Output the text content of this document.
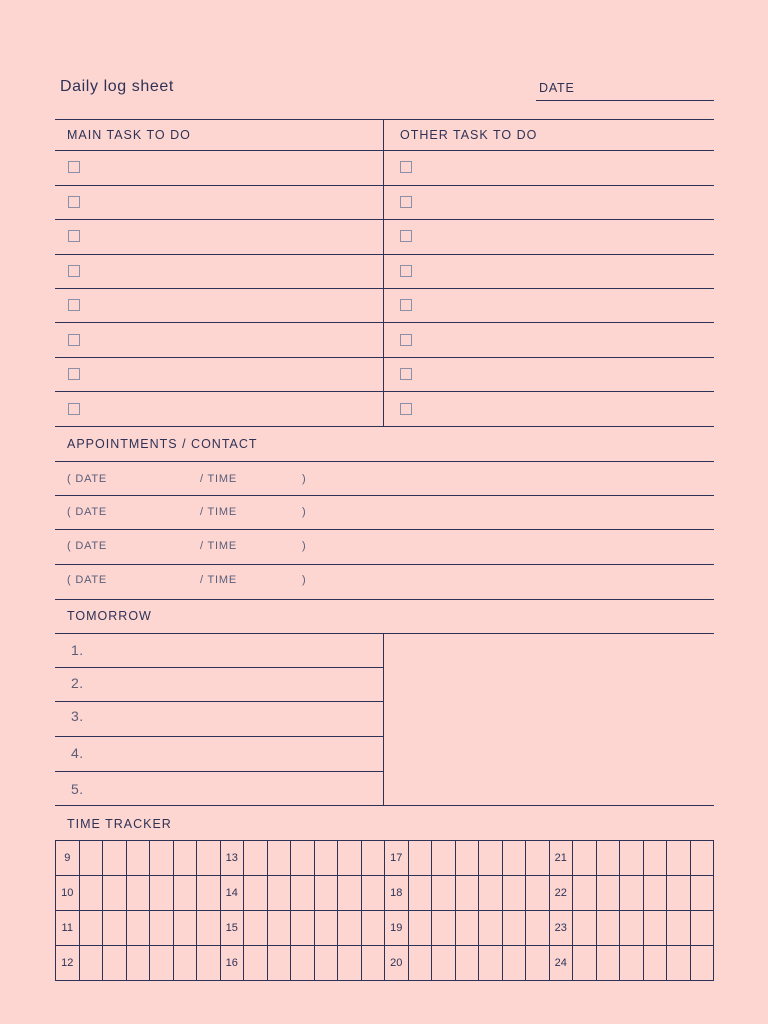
Daily log sheet	DATE
MAIN TASK TO DO	OTHER TASK TO DO
APPOINTMENTS / CONTACT
( DATE	/ TIME	)
( DATE	/ TIME	)
( DATE	/ TIME	)
( DATE	/ TIME	)
TOMORROW
1.
2.
3.
4.
5.
TIME TRACKER
9							13							17							21						
10							14							18							22						
11							15							19							23						
12							16							20							24						
